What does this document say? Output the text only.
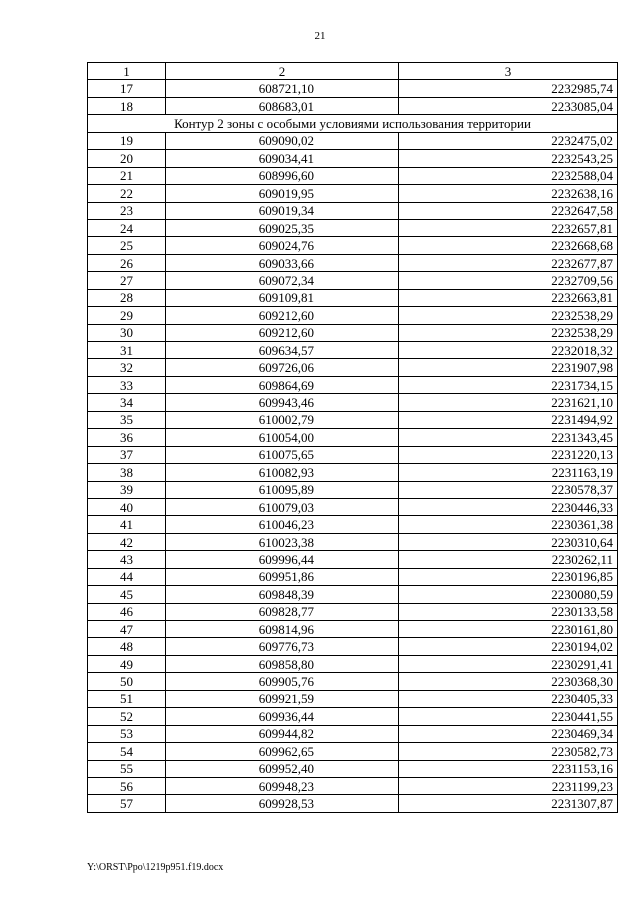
21
1	2	3
17	608721,10	2232985,74
18	608683,01	2233085,04
Контур 2 зоны с особыми условиями использования территории		
19	609090,02	2232475,02
20	609034,41	2232543,25
21	608996,60	2232588,04
22	609019,95	2232638,16
23	609019,34	2232647,58
24	609025,35	2232657,81
25	609024,76	2232668,68
26	609033,66	2232677,87
27	609072,34	2232709,56
28	609109,81	2232663,81
29	609212,60	2232538,29
30	609212,60	2232538,29
31	609634,57	2232018,32
32	609726,06	2231907,98
33	609864,69	2231734,15
34	609943,46	2231621,10
35	610002,79	2231494,92
36	610054,00	2231343,45
37	610075,65	2231220,13
38	610082,93	2231163,19
39	610095,89	2230578,37
40	610079,03	2230446,33
41	610046,23	2230361,38
42	610023,38	2230310,64
43	609996,44	2230262,11
44	609951,86	2230196,85
45	609848,39	2230080,59
46	609828,77	2230133,58
47	609814,96	2230161,80
48	609776,73	2230194,02
49	609858,80	2230291,41
50	609905,76	2230368,30
51	609921,59	2230405,33
52	609936,44	2230441,55
53	609944,82	2230469,34
54	609962,65	2230582,73
55	609952,40	2231153,16
56	609948,23	2231199,23
57	609928,53	2231307,87
Y:\ORST\Ppo\1219p951.f19.docx
